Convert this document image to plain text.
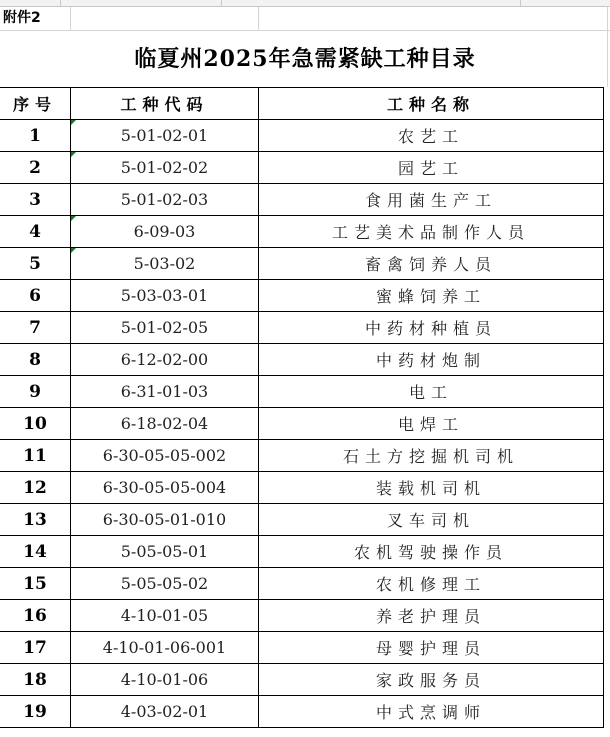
附件2
临夏州2025年急需紧缺工种目录
序号	工种代码	工种名称
1	5-01-02-01	农艺工
2	5-01-02-02	园艺工
3	5-01-02-03	食用菌生产工
4	6-09-03	工艺美术品制作人员
5	5-03-02	畜禽饲养人员
6	5-03-03-01	蜜蜂饲养工
7	5-01-02-05	中药材种植员
8	6-12-02-00	中药材炮制
9	6-31-01-03	电工
10	6-18-02-04	电焊工
11	6-30-05-05-002	石土方挖掘机司机
12	6-30-05-05-004	装载机司机
13	6-30-05-01-010	叉车司机
14	5-05-05-01	农机驾驶操作员
15	5-05-05-02	农机修理工
16	4-10-01-05	养老护理员
17	4-10-01-06-001	母婴护理员
18	4-10-01-06	家政服务员
19	4-03-02-01	中式烹调师
